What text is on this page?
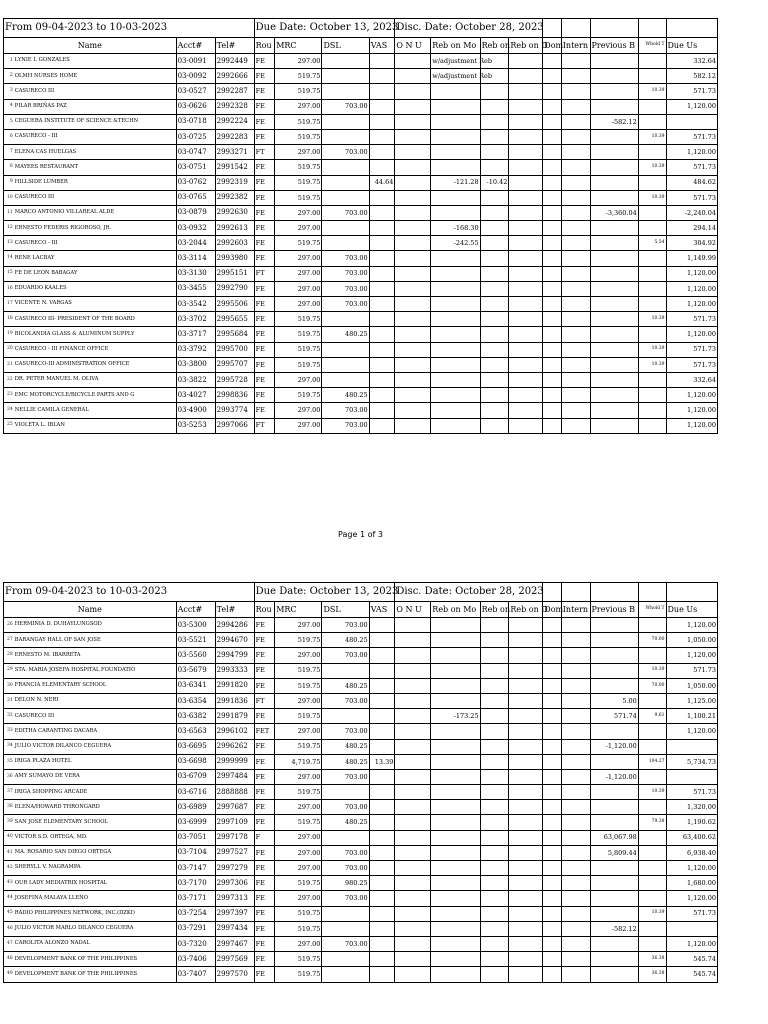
From 09-04-2023 to 10-03-2023				Due Date: October 13, 2023				Disc. Date: October 28, 2023								
Name		Acct#	Tel#	Rou	MRC	DSL	VAS	O N U	Reb on Mo	Reb on	Reb on D	Dom	Intern	Previous B	Whold T	Due Us
1	LYNIE I. GONZALES	03-0091	2992449	FE	297.00				w/adjustment Reb							332.64
2	OLMH NURSES HOME	03-0092	2992666	FE	519.75				w/adjustment Reb							582.12
3	CASURECO III	03-0527	2992287	FE	519.75										10.39	571.73
4	PILAR BRIÑAS PAZ	03-0626	2992328	FE	297.00	703.00										1,120.00
5	CEGUERA INSTITUTE OF SCIENCE &TECHN	03-0718	2992224	FE	519.75									-582.12		
6	CASURECO - III	03-0725	2992283	FE	519.75										10.39	571.73
7	ELENA CAS HUELGAS	03-0747	2993271	FT	297.00	703.00										1,120.00
8	MAYEES RESTAURANT	03-0751	2991542	FE	519.75										10.39	571.73
9	HILLSIDE LUMBER	03-0762	2992319	FE	519.75		44.64		-121.28	-10.42						484.62
10	CASURECO III	03-0765	2992382	FE	519.75										10.39	571.73
11	MARCO ANTONIO VILLAREAL ALDE	03-0879	2992630	FE	297.00	703.00								-3,360.04		-2,240.04
12	ERNESTO FEDERIS RIGOROSO, JR.	03-0932	2992613	FE	297.00				-168.30							294.14
13	CASURECO - III	03-2044	2992603	FE	519.75				-242.55						5.54	304.92
14	RENE LACBAY	03-3114	2993980	FE	297.00	703.00										1,149.99
15	FE DE LEON BABAGAY	03-3130	2995151	FT	297.00	703.00										1,120.00
16	EDUARDO KAALES	03-3455	2992790	FE	297.00	703.00										1,120.00
17	VICENTE N. VARGAS	03-3542	2995506	FE	297.00	703.00										1,120.00
18	CASURECO III- PRESIDENT OF THE BOARD	03-3702	2995655	FE	519.75										10.39	571.73
19	BICOLANDIA GLASS & ALUMINUM SUPPLY	03-3717	2995684	FE	519.75	480.25										1,120.00
20	CASURECO - III FINANCE OFFICE	03-3792	2995700	FE	519.75										10.39	571.73
21	CASURECO-III ADMINISTRATION OFFICE	03-3800	2995707	FE	519.75										10.39	571.73
22	DR. PETER MANUEL M. OLIVA	03-3822	2995728	FE	297.00											332.64
23	EMC MOTORCYCLE/BICYCLE PARTS AND G	03-4027	2998836	FE	519.75	480.25										1,120.00
24	NELLIE CAMILA GENERAL	03-4900	2993774	FE	297.00	703.00										1,120.00
25	VIOLETA L. IBLAN	03-5253	2997066	FT	297.00	703.00										1,120.00
Page 1 of 3
From 09-04-2023 to 10-03-2023				Due Date: October 13, 2023				Disc. Date: October 28, 2023								
Name		Acct#	Tel#	Rou	MRC	DSL	VAS	O N U	Reb on Mo	Reb on	Reb on D	Dom	Intern	Previous B	Whold T	Due Us
26	HERMINIA D. DUHAYLUNGSOD	03-5300	2994286	FE	297.00	703.00										1,120.00
27	BARANGAY HALL OF SAN JOSE	03-5521	2994670	FE	519.75	480.25									70.00	1,050.00
28	ERNESTO M. IBARRETA	03-5560	2994799	FE	297.00	703.00										1,120.00
29	STA. MARIA JOSEFA HOSPITAL FOUNDATIO	03-5679	2993333	FE	519.75										10.39	571.73
30	FRANCIA ELEMENTARY SCHOOL	03-6341	2991820	FE	519.75	480.25									70.00	1,050.00
31	DELON N. NERI	03-6354	2991836	FT	297.00	703.00								5.00		1,125.00
32	CASURECO III	03-6382	2991879	FE	519.75				-173.25					571.74	9.61	1,100.21
33	EDITHA CARANTING DACARA	03-6563	2996102	FET	297.00	703.00										1,120.00
34	JULIO VICTOR DILANCO CEGUERA	03-6695	2996262	FE	519.75	480.25								-1,120.00		
35	IRIGA PLAZA HOTEL	03-6698	2999999	FE	4,719.75	480.25	13.39								104.27	5,734.73
36	AMY SUMAYO DE VERA	03-6709	2997484	FE	297.00	703.00								-1,120.00		
37	IRIGA SHOPPING ARCADE	03-6716	2888888	FE	519.75										10.39	571.73
38	ELENA/HOWARD THRONGARD	03-6989	2997687	FE	297.00	703.00										1,320.00
39	SAN JOSE ELEMENTARY SCHOOL	03-6999	2997109	FE	519.75	480.25									79.38	1,190.62
40	VICTOR S.D. ORTEGA, MD.	03-7051	2997178	F	297.00									63,067.98		63,400.62
41	MA. ROSARIO SAN DIEGO ORTEGA	03-7104	2997527	FE	297.00	703.00								5,809.44		6,938.40
42	SHERYLL V. NAGRAMPA	03-7147	2997279	FE	297.00	703.00										1,120.00
43	OUR LADY MEDIATRIX HOSPITAL	03-7170	2997306	FE	519.75	980.25										1,680.00
44	JOSEFINA MALAYA LLENO	03-7171	2997313	FE	297.00	703.00										1,120.00
45	RADIO PHILIPPINES NETWORK, INC.(DZKI)	03-7254	2997397	FE	519.75										10.39	571.73
46	JULIO VICTOR MARLO DILANCO CEGUERA	03-7291	2997434	FE	519.75									-582.12		
47	CAROLITA ALONZO NADAL	03-7320	2997467	FE	297.00	703.00										1,120.00
48	DEVELOPMENT BANK OF THE PHILIPPINES	03-7406	2997569	FE	519.75										36.38	545.74
49	DEVELOPMENT BANK OF THE PHILIPPINES	03-7407	2997570	FE	519.75										36.38	545.74
